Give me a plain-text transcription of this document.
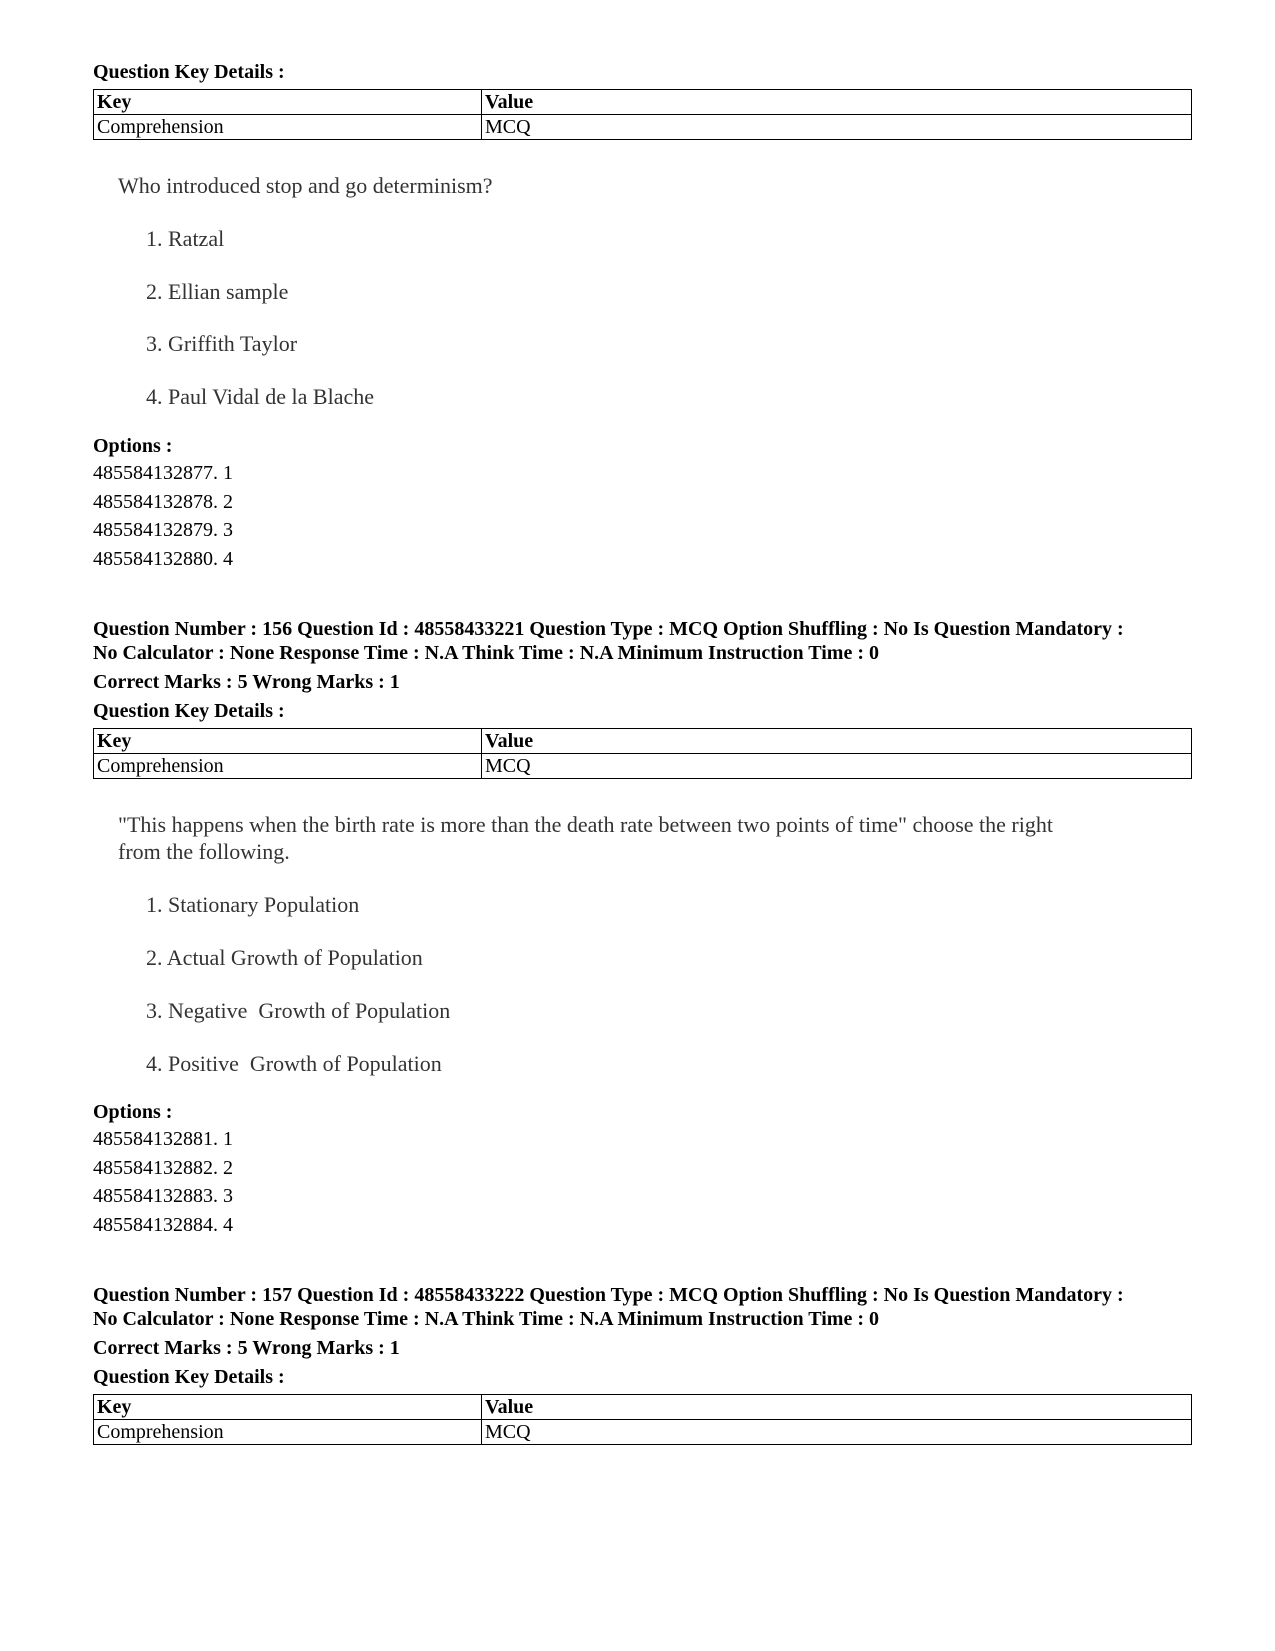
Question Key Details :
Key	Value
Comprehension	MCQ
Who introduced stop and go determinism?
1. Ratzal
2. Ellian sample
3. Griffith Taylor
4. Paul Vidal de la Blache
Options :
485584132877. 1
485584132878. 2
485584132879. 3
485584132880. 4
Question Number : 156 Question Id : 48558433221 Question Type : MCQ Option Shuffling : No Is Question Mandatory :
No Calculator : None Response Time : N.A Think Time : N.A Minimum Instruction Time : 0
Correct Marks : 5 Wrong Marks : 1
Question Key Details :
Key	Value
Comprehension	MCQ
"This happens when the birth rate is more than the death rate between two points of time" choose the right
from the following.
1. Stationary Population
2. Actual Growth of Population
3. Negative  Growth of Population
4. Positive  Growth of Population
Options :
485584132881. 1
485584132882. 2
485584132883. 3
485584132884. 4
Question Number : 157 Question Id : 48558433222 Question Type : MCQ Option Shuffling : No Is Question Mandatory :
No Calculator : None Response Time : N.A Think Time : N.A Minimum Instruction Time : 0
Correct Marks : 5 Wrong Marks : 1
Question Key Details :
Key	Value
Comprehension	MCQ
